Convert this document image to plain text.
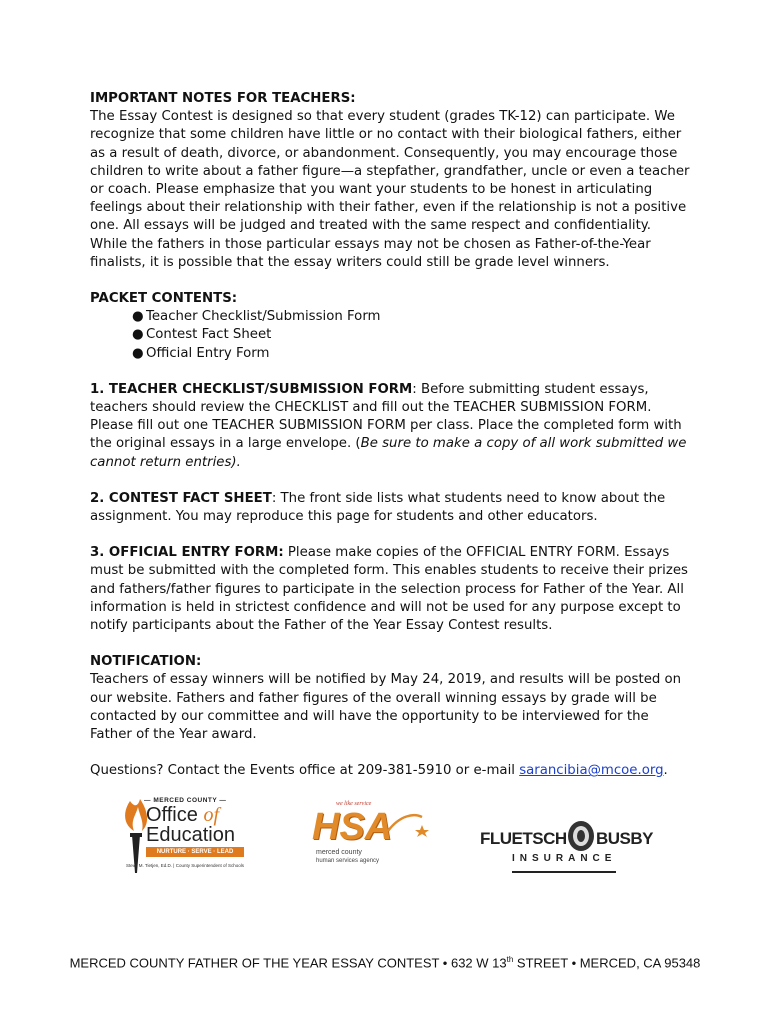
IMPORTANT NOTES FOR TEACHERS:

The Essay Contest is designed so that every student (grades TK-12) can participate. We recognize that some children have little or no contact with their biological fathers, either as a result of death, divorce, or abandonment. Consequently, you may encourage those children to write about a father figure—a stepfather, grandfather, uncle or even a teacher or coach. Please emphasize that you want your students to be honest in articulating feelings about their relationship with their father, even if the relationship is not a positive one. All essays will be judged and treated with the same respect and confidentiality. While the fathers in those particular essays may not be chosen as Father-of-the-Year finalists, it is possible that the essay writers could still be grade level winners.

PACKET CONTENTS:

● Teacher Checklist/Submission Form
● Contest Fact Sheet
● Official Entry Form

1. TEACHER CHECKLIST/SUBMISSION FORM: Before submitting student essays, teachers should review the CHECKLIST and fill out the TEACHER SUBMISSION FORM. Please fill out one TEACHER SUBMISSION FORM per class. Place the completed form with the original essays in a large envelope. (Be sure to make a copy of all work submitted we cannot return entries).

2. CONTEST FACT SHEET: The front side lists what students need to know about the assignment. You may reproduce this page for students and other educators.

3. OFFICIAL ENTRY FORM: Please make copies of the OFFICIAL ENTRY FORM. Essays must be submitted with the completed form. This enables students to receive their prizes and fathers/father figures to participate in the selection process for Father of the Year. All information is held in strictest confidence and will not be used for any purpose except to notify participants about the Father of the Year Essay Contest results.

NOTIFICATION:

Teachers of essay winners will be notified by May 24, 2019, and results will be posted on our website. Fathers and father figures of the overall winning essays by grade will be contacted by our committee and will have the opportunity to be interviewed for the Father of the Year award.

Questions? Contact the Events office at 209-381-5910 or e-mail sarancibia@mcoe.org.

— MERCED COUNTY —
Office of
Education
NURTURE · SERVE · LEAD
Steve M. Tietjen, Ed.D. | County Superintendent of Schools
we like service
HSA
merced county
human services agency
FLUETSCH BUSBY
INSURANCE
MERCED COUNTY FATHER OF THE YEAR ESSAY CONTEST • 632 W 13th STREET • MERCED, CA 95348
